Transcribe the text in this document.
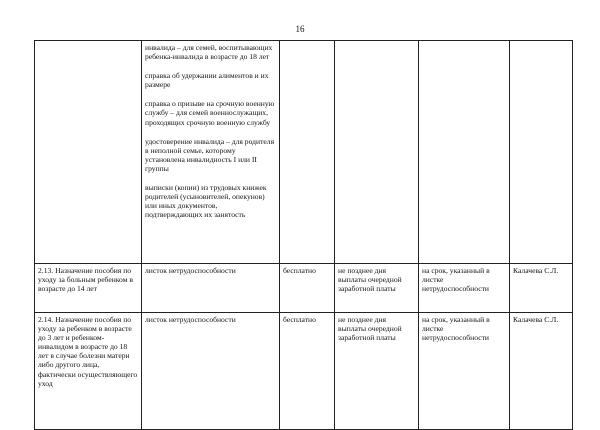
16

	инвалида – для семей, воспитывающих ребенка-инвалида в возрасте до 18 лет

справка об удержании алиментов и их размере

справка о призыве на срочную военную службу – для семей военнослужащих, проходящих срочную военную службу

удостоверение инвалида – для родителя в неполной семье, которому установлена инвалидность I или II группы

выписки (копии) из трудовых книжек родителей (усыновителей, опекунов) или иных документов, подтверждающих их занятость				

2.13. Назначение пособия по уходу за больным ребенком в возрасте до 14 лет	листок нетрудоспособности	бесплатно	не позднее дня выплаты очередной заработной платы	на срок, указанный в листке нетрудоспособности	Калачева С.Л.

2.14. Назначение пособия по уходу за ребенком в возрасте до 3 лет и ребенком-инвалидом в возрасте до 18 лет в случае болезни матери либо другого лица, фактически осуществляющего уход	листок нетрудоспособности	бесплатно	не позднее дня выплаты очередной заработной платы	на срок, указанный в листке нетрудоспособности	Калачева С.Л.
